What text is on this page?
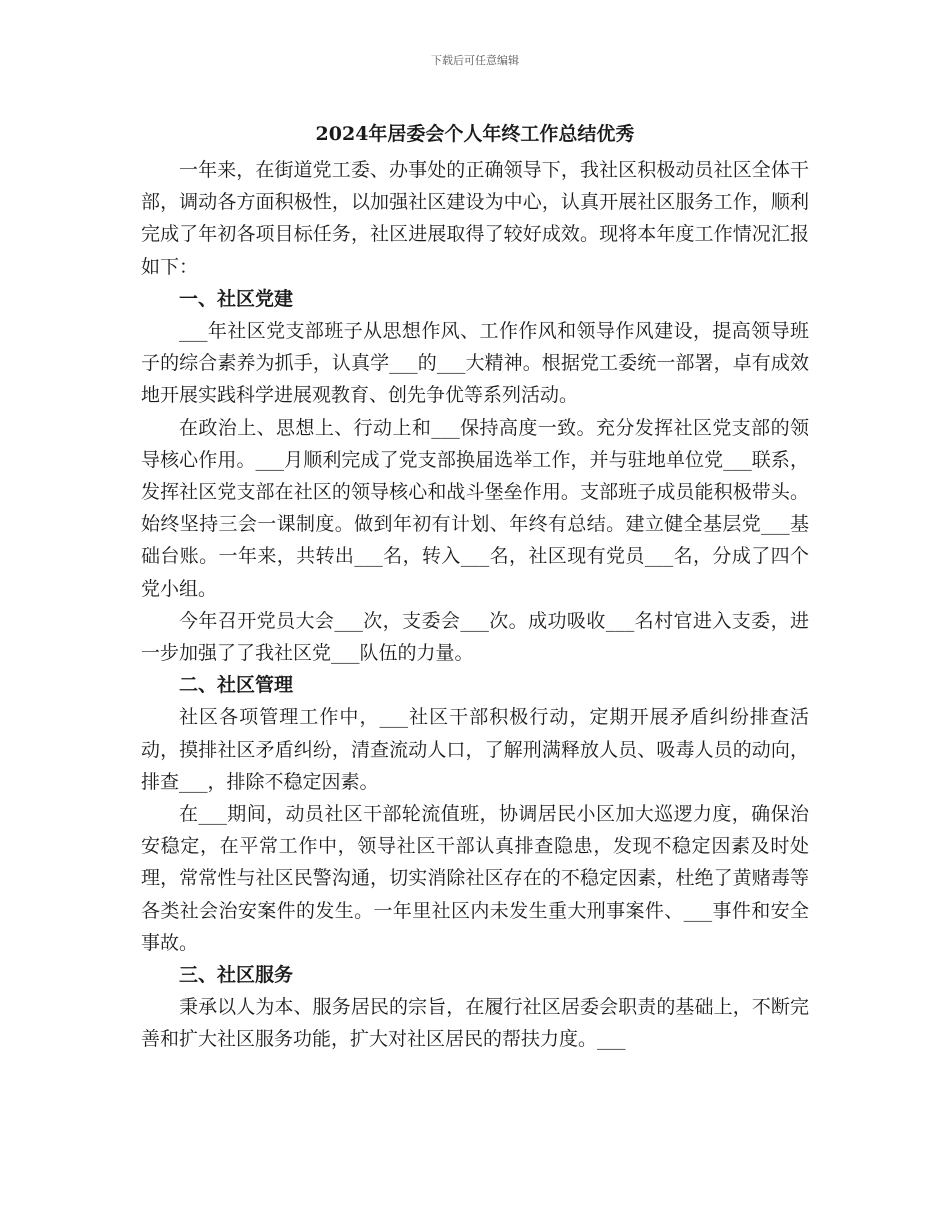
下载后可任意编辑
2024年居委会个人年终工作总结优秀

一年来，在街道党工委、办事处的正确领导下，我社区积极动员社区全体干部，调动各方面积极性，以加强社区建设为中心，认真开展社区服务工作，顺利完成了年初各项目标任务，社区进展取得了较好成效。现将本年度工作情况汇报如下：

一、社区党建

___年社区党支部班子从思想作风、工作作风和领导作风建设，提高领导班子的综合素养为抓手，认真学___的___大精神。根据党工委统一部署，卓有成效地开展实践科学进展观教育、创先争优等系列活动。

在政治上、思想上、行动上和___保持高度一致。充分发挥社区党支部的领导核心作用。___月顺利完成了党支部换届选举工作，并与驻地单位党___联系，发挥社区党支部在社区的领导核心和战斗堡垒作用。支部班子成员能积极带头。始终坚持三会一课制度。做到年初有计划、年终有总结。建立健全基层党___基础台账。一年来，共转出___名，转入___名，社区现有党员___名，分成了四个党小组。

今年召开党员大会___次，支委会___次。成功吸收___名村官进入支委，进一步加强了了我社区党___队伍的力量。

二、社区管理

社区各项管理工作中，___社区干部积极行动，定期开展矛盾纠纷排查活动，摸排社区矛盾纠纷，清查流动人口，了解刑满释放人员、吸毒人员的动向，排查___，排除不稳定因素。

在___期间，动员社区干部轮流值班，协调居民小区加大巡逻力度，确保治安稳定，在平常工作中，领导社区干部认真排查隐患，发现不稳定因素及时处理，常常性与社区民警沟通，切实消除社区存在的不稳定因素，杜绝了黄赌毒等各类社会治安案件的发生。一年里社区内未发生重大刑事案件、___事件和安全事故。

三、社区服务

秉承以人为本、服务居民的宗旨，在履行社区居委会职责的基础上，不断完善和扩大社区服务功能，扩大对社区居民的帮扶力度。___
